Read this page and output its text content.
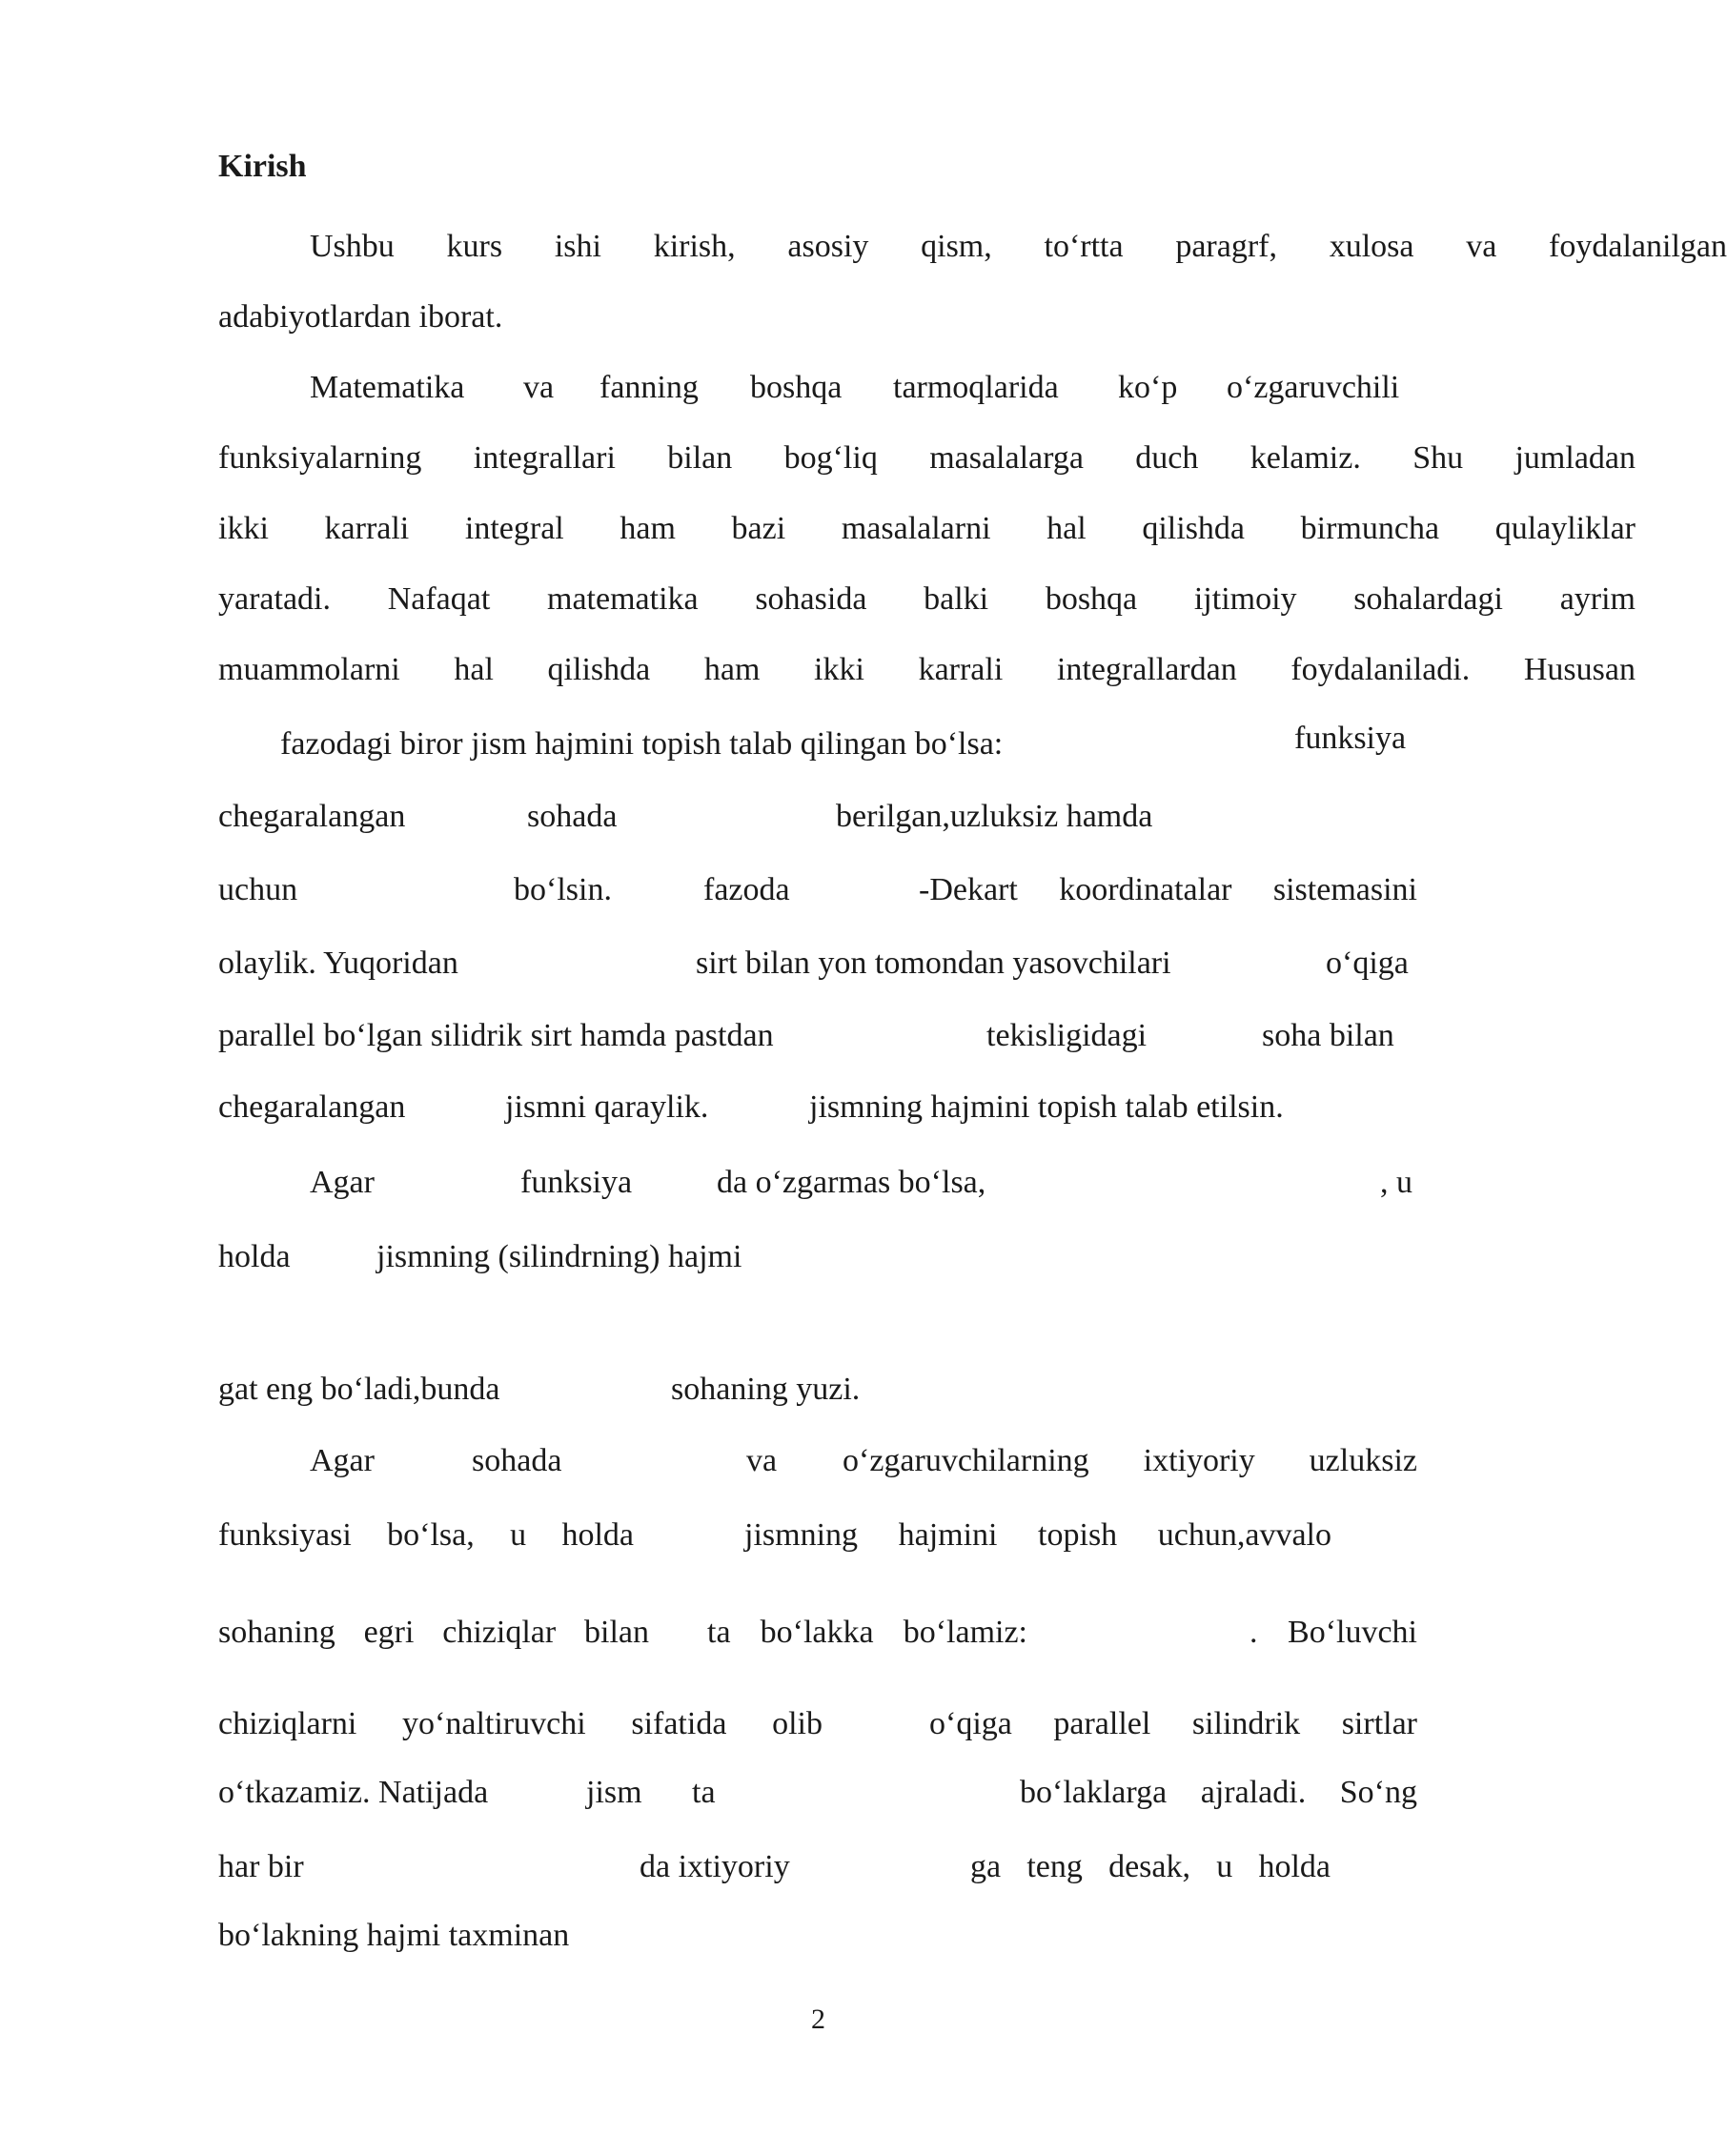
Kirish
Ushbu kurs ishi kirish, asosiy qism, to‘rtta paragrf, xulosa va foydalanilgan
adabiyotlardan iborat.
Matematika va fanning boshqa tarmoqlarida ko‘p o‘zgaruvchili
funksiyalarning integrallari bilan bog‘liq masalalarga duch kelamiz. Shu jumladan
ikki karrali integral ham bazi masalalarni hal qilishda birmuncha qulayliklar
yaratadi. Nafaqat matematika sohasida balki boshqa ijtimoiy sohalardagi ayrim
muammolarni hal qilishda ham ikki karrali integrallardan foydalaniladi. Hususan
fazodagi biror jism hajmini topish talab qilingan bo‘lsa:	funksiya
chegaralangan	sohada	berilgan,uzluksiz hamda
uchun	bo‘lsin.	fazoda	-Dekart koordinatalar sistemasini
olaylik. Yuqoridan	sirt bilan yon tomondan yasovchilari	o‘qiga
parallel bo‘lgan silidrik sirt hamda pastdan	tekisligidagi	soha bilan
chegaralangan	jismni qaraylik.	jismning hajmini topish talab etilsin.
Agar	funksiya	da o‘zgarmas bo‘lsa,	, u
holda	jismning (silindrning) hajmi
gat eng bo‘ladi,bunda	sohaning yuzi.
Agar	sohada	va o‘zgaruvchilarning ixtiyoriy uzluksiz
funksiyasi bo‘lsa, u holda	jismning hajmini topish uchun,avvalo
sohaning egri chiziqlar bilan ta bo‘lakka bo‘lamiz:	. Bo‘luvchi
chiziqlarni yo‘naltiruvchi sifatida olib	o‘qiga parallel silindrik sirtlar
o‘tkazamiz. Natijada	jism ta	bo‘laklarga ajraladi. So‘ng
har bir	da ixtiyoriy	ga teng desak, u holda
bo‘lakning hajmi taxminan
2
